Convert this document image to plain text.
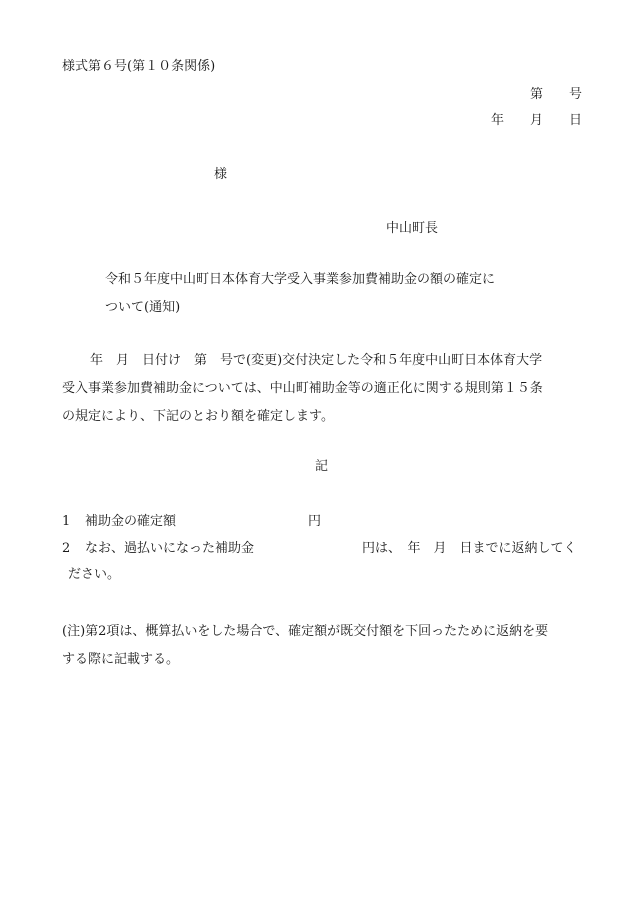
様式第６号(第１０条関係)
第　　号
年　　月　　日
様
中山町長
令和５年度中山町日本体育大学受入事業参加費補助金の額の確定に
ついて(通知)
年　月　日付け　第　号で(変更)交付決定した令和５年度中山町日本体育大学
受入事業参加費補助金については、中山町補助金等の適正化に関する規則第１５条
の規定により、下記のとおり額を確定します。
記
1 補助金の確定額	円
2 なお、過払いになった補助金	円は、　年　月　日までに返納してく
ださい。
(注)第2項は、概算払いをした場合で、確定額が既交付額を下回ったために返納を要
する際に記載する。
